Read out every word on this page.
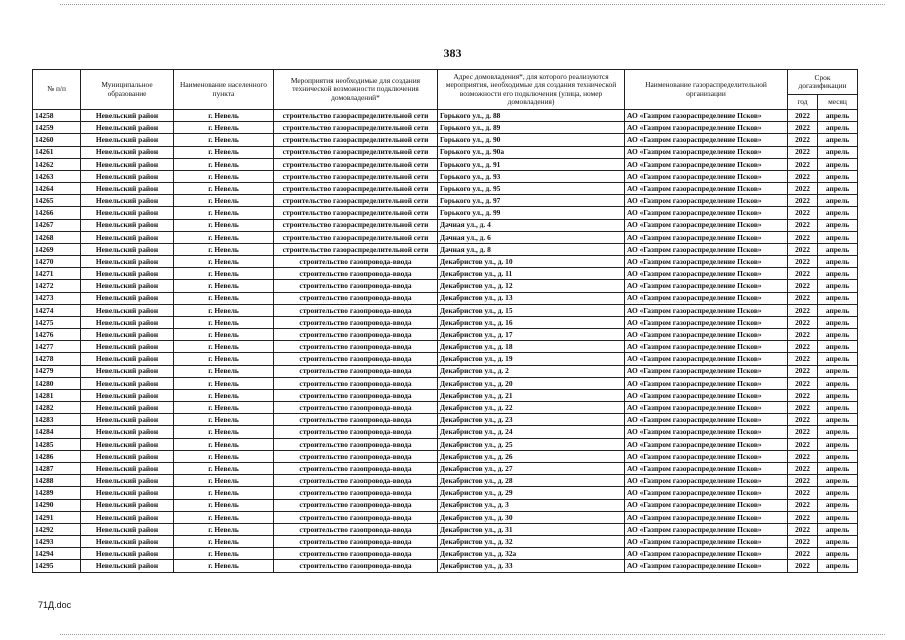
383
№ п/п	Муниципальное образование	Наименование населенного пункта	Мероприятия необходимые для создания технической возможности подключения домовладений*	Адрес домовладения*, для которого реализуются мероприятия, необходимые для создания технической возможности его подключения (улица, номер домовладения)	Наименование газораспределительной организации	Срок догазификации	
						год	месяц
14258	Невельский район	г. Невель	строительство газораспределительной сети	Горького ул., д. 88	АО «Газпром газораспределение Псков»	2022	апрель
14259	Невельский район	г. Невель	строительство газораспределительной сети	Горького ул., д. 89	АО «Газпром газораспределение Псков»	2022	апрель
14260	Невельский район	г. Невель	строительство газораспределительной сети	Горького ул., д. 90	АО «Газпром газораспределение Псков»	2022	апрель
14261	Невельский район	г. Невель	строительство газораспределительной сети	Горького ул., д. 90а	АО «Газпром газораспределение Псков»	2022	апрель
14262	Невельский район	г. Невель	строительство газораспределительной сети	Горького ул., д. 91	АО «Газпром газораспределение Псков»	2022	апрель
14263	Невельский район	г. Невель	строительство газораспределительной сети	Горького ул., д. 93	АО «Газпром газораспределение Псков»	2022	апрель
14264	Невельский район	г. Невель	строительство газораспределительной сети	Горького ул., д. 95	АО «Газпром газораспределение Псков»	2022	апрель
14265	Невельский район	г. Невель	строительство газораспределительной сети	Горького ул., д. 97	АО «Газпром газораспределение Псков»	2022	апрель
14266	Невельский район	г. Невель	строительство газораспределительной сети	Горького ул., д. 99	АО «Газпром газораспределение Псков»	2022	апрель
14267	Невельский район	г. Невель	строительство газораспределительной сети	Дачная ул., д. 4	АО «Газпром газораспределение Псков»	2022	апрель
14268	Невельский район	г. Невель	строительство газораспределительной сети	Дачная ул., д. 6	АО «Газпром газораспределение Псков»	2022	апрель
14269	Невельский район	г. Невель	строительство газораспределительной сети	Дачная ул., д. 8	АО «Газпром газораспределение Псков»	2022	апрель
14270	Невельский район	г. Невель	строительство газопровода-ввода	Декабристов ул., д. 10	АО «Газпром газораспределение Псков»	2022	апрель
14271	Невельский район	г. Невель	строительство газопровода-ввода	Декабристов ул., д. 11	АО «Газпром газораспределение Псков»	2022	апрель
14272	Невельский район	г. Невель	строительство газопровода-ввода	Декабристов ул., д. 12	АО «Газпром газораспределение Псков»	2022	апрель
14273	Невельский район	г. Невель	строительство газопровода-ввода	Декабристов ул., д. 13	АО «Газпром газораспределение Псков»	2022	апрель
14274	Невельский район	г. Невель	строительство газопровода-ввода	Декабристов ул., д. 15	АО «Газпром газораспределение Псков»	2022	апрель
14275	Невельский район	г. Невель	строительство газопровода-ввода	Декабристов ул., д. 16	АО «Газпром газораспределение Псков»	2022	апрель
14276	Невельский район	г. Невель	строительство газопровода-ввода	Декабристов ул., д. 17	АО «Газпром газораспределение Псков»	2022	апрель
14277	Невельский район	г. Невель	строительство газопровода-ввода	Декабристов ул., д. 18	АО «Газпром газораспределение Псков»	2022	апрель
14278	Невельский район	г. Невель	строительство газопровода-ввода	Декабристов ул., д. 19	АО «Газпром газораспределение Псков»	2022	апрель
14279	Невельский район	г. Невель	строительство газопровода-ввода	Декабристов ул., д. 2	АО «Газпром газораспределение Псков»	2022	апрель
14280	Невельский район	г. Невель	строительство газопровода-ввода	Декабристов ул., д. 20	АО «Газпром газораспределение Псков»	2022	апрель
14281	Невельский район	г. Невель	строительство газопровода-ввода	Декабристов ул., д. 21	АО «Газпром газораспределение Псков»	2022	апрель
14282	Невельский район	г. Невель	строительство газопровода-ввода	Декабристов ул., д. 22	АО «Газпром газораспределение Псков»	2022	апрель
14283	Невельский район	г. Невель	строительство газопровода-ввода	Декабристов ул., д. 23	АО «Газпром газораспределение Псков»	2022	апрель
14284	Невельский район	г. Невель	строительство газопровода-ввода	Декабристов ул., д. 24	АО «Газпром газораспределение Псков»	2022	апрель
14285	Невельский район	г. Невель	строительство газопровода-ввода	Декабристов ул., д. 25	АО «Газпром газораспределение Псков»	2022	апрель
14286	Невельский район	г. Невель	строительство газопровода-ввода	Декабристов ул., д. 26	АО «Газпром газораспределение Псков»	2022	апрель
14287	Невельский район	г. Невель	строительство газопровода-ввода	Декабристов ул., д. 27	АО «Газпром газораспределение Псков»	2022	апрель
14288	Невельский район	г. Невель	строительство газопровода-ввода	Декабристов ул., д. 28	АО «Газпром газораспределение Псков»	2022	апрель
14289	Невельский район	г. Невель	строительство газопровода-ввода	Декабристов ул., д. 29	АО «Газпром газораспределение Псков»	2022	апрель
14290	Невельский район	г. Невель	строительство газопровода-ввода	Декабристов ул., д. 3	АО «Газпром газораспределение Псков»	2022	апрель
14291	Невельский район	г. Невель	строительство газопровода-ввода	Декабристов ул., д. 30	АО «Газпром газораспределение Псков»	2022	апрель
14292	Невельский район	г. Невель	строительство газопровода-ввода	Декабристов ул., д. 31	АО «Газпром газораспределение Псков»	2022	апрель
14293	Невельский район	г. Невель	строительство газопровода-ввода	Декабристов ул., д. 32	АО «Газпром газораспределение Псков»	2022	апрель
14294	Невельский район	г. Невель	строительство газопровода-ввода	Декабристов ул., д. 32а	АО «Газпром газораспределение Псков»	2022	апрель
14295	Невельский район	г. Невель	строительство газопровода-ввода	Декабристов ул., д. 33	АО «Газпром газораспределение Псков»	2022	апрель
71Д.doc
